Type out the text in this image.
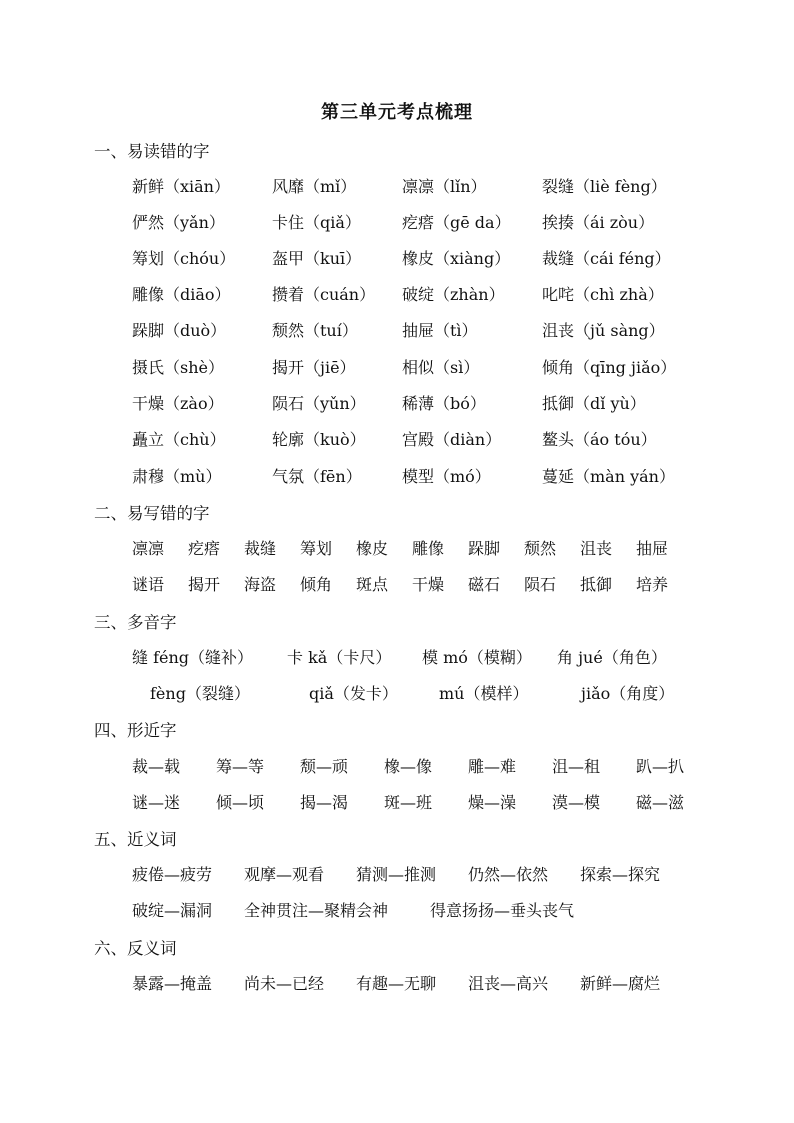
第三单元考点梳理
一、易读错的字
新鲜（xiān）	风靡（mǐ）	凛凛（lǐn）	裂缝（liè fèng）
俨然（yǎn）	卡住（qiǎ）	疙瘩（gē da） 挨揍（ái zòu）
筹划（chóu） 盔甲（kuī）	橡皮（xiàng） 裁缝（cái féng）
雕像（diāo）	攒着（cuán） 破绽（zhàn） 叱咤（chì zhà）
跺脚（duò）	颓然（tuí）	抽屉（tì）	沮丧（jǔ sàng）
摄氏（shè）	揭开（jiē）	相似（sì）	倾角（qīng jiǎo）
干燥（zào）	陨石（yǔn） 稀薄（bó）	抵御（dǐ yù）
矗立（chù）	轮廓（kuò） 宫殿（diàn）	鳌头（áo tóu）
肃穆（mù）	气氛（fēn）	模型（mó）	蔓延（màn yán）
二、易写错的字
凛凛 疙瘩 裁缝 筹划 橡皮 雕像 跺脚 颓然 沮丧 抽屉
谜语 揭开 海盗 倾角 斑点 干燥 磁石 陨石 抵御 培养
三、多音字
缝 féng（缝补） 卡 kǎ（卡尺） 模 mó（模糊） 角 jué（角色）
fèng（裂缝）	qiǎ（发卡）	mú（模样）	jiǎo（角度）
四、形近字
裁—载 筹—等 颓—顽 橡—像 雕—难 沮—租 趴—扒
谜—迷 倾—顷 揭—渴 斑—班 燥—澡 漠—模 磁—滋
五、近义词
疲倦—疲劳 观摩—观看 猜测—推测 仍然—依然 探索—探究
破绽—漏洞 全神贯注—聚精会神	得意扬扬—垂头丧气
六、反义词
暴露—掩盖 尚未—已经 有趣—无聊 沮丧—高兴 新鲜—腐烂
